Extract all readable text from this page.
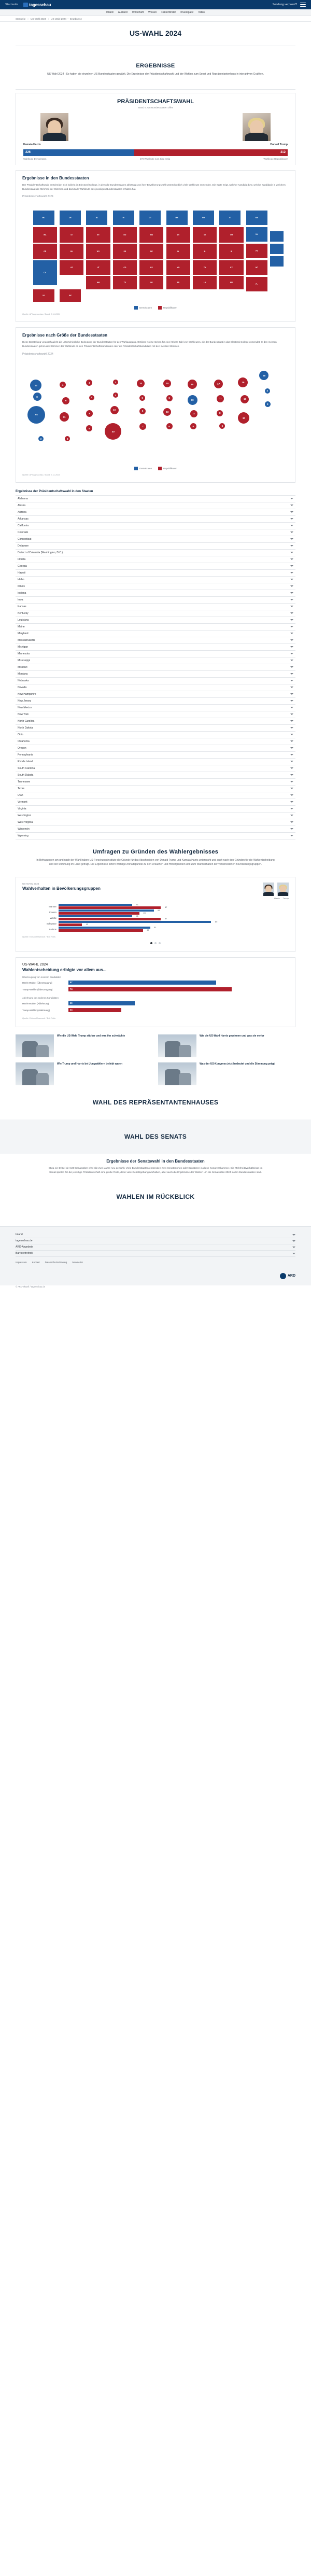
Startseite	tagesschau	Sendung verpasst?
Inland Ausland Wirtschaft Wissen Faktenfinder Investigativ Video
Startseite › US-Wahl 2024 › US-Wahl 2024 — Ergebnisse
US-WAHL 2024
ERGEBNISSE
US-Wahl 2024 : So haben die einzelnen US-Bundesstaaten gewählt. Die Ergebnisse der Präsidentschaftswahl und der Wahlen zum Senat und Repräsentantenhaus in interaktiven Grafiken.
PRÄSIDENTSCHAFTSWAHL
Stand 6. US-Bundesstaaten offen
Kamala Harris	Donald Trump
226	312
Wahlleute Demokraten	270 Wahlleute zum Sieg nötig	Wahlleute Republikaner
Ergebnisse in den Bundesstaaten

Der Präsidentschaftswahl entscheidet sich indirekt im Electoral College, in dem die Bundesstaaten abhängig von ihrer Bevölkerungszahl unterschiedlich viele Wahlleute entsenden. Die Karte zeigt, welcher Kandidat bzw. welche Kandidatin in welchem Bundesstaat die Mehrheit der Stimmen und damit alle Wahlleute des jeweiligen Bundesstaates erhalten hat.

Präsidentschaftswahl 2024
WA
OR
CA
ID
NV
AZ
MT
WY
UT
NM
ND
SD
CO
TX
MN
NE
KS
OK
WI
IA
MO
AR
MI
IL
TN
LA
OH
IN
KY
MS
ME
NY
PA
NC
FL
VT
NH
MA
CT
RI
NJ
DE
MD
HI	AK
Demokraten	Republikaner
Quelle: AP/tagesschau, Stand: 7.11.2024
Ergebnisse nach Größe der Bundesstaaten

Diese Darstellung veranschaulicht die unterschiedliche Bedeutung der Bundesstaaten für den Wahlausgang. Größere Kreise stehen für eine höhere Zahl von Wahlleuten, die der Bundesstaat in das Electoral College entsendet. In den meisten Bundesstaaten gehen alle Stimmen der Wahlleute an den Präsidentschaftskandidaten oder die Präsidentschaftskandidatin mit den meisten Stimmen.

Präsidentschaftswahl 2024
12
54
8
4
6
11
4
3
6
5
3
3
10
40
10
5
6
7
10
6
10
6
15
19
11
8
17
11
8
6
19
16
30
28
4
3
3	3
Demokraten	Republikaner
Quelle: AP/tagesschau, Stand: 7.11.2024
Ergebnisse der Präsidentschaftswahl in den Staaten
Alabama
Alaska
Arizona
Arkansas
California
Colorado
Connecticut
Delaware
District of Columbia (Washington, D.C.)
Florida
Georgia
Hawaii
Idaho
Illinois
Indiana
Iowa
Kansas
Kentucky
Louisiana
Maine
Maryland
Massachusetts
Michigan
Minnesota
Mississippi
Missouri
Montana
Nebraska
Nevada
New Hampshire
New Jersey
New Mexico
New York
North Carolina
North Dakota
Ohio
Oklahoma
Oregon
Pennsylvania
Rhode Island
South Carolina
South Dakota
Tennessee
Texas
Utah
Vermont
Virginia
Washington
West Virginia
Wisconsin
Wyoming
Umfragen zu Gründen des Wahlergebnisses
In Befragungen am und nach der Wahl haben US-Forschungsinstitute die Gründe für das Abschneiden von Donald Trump und Kamala Harris untersucht und auch nach den Gründen für die Wahlentscheidung und der Stimmung im Land gefragt. Die Ergebnisse liefern wichtige Anhaltspunkte zu den Ursachen und Hintergründen und zum Wahlverhalten der verschiedenen Bevölkerungsgruppen.
US-WAHL 2024
Wahlverhalten in Bevölkerungsgruppen
Harris Trump
Männer
41
57
Frauen
53
45
Weiße
41
57
Schwarze
85
13
Latinos
51
47
Quelle: Edison Research / Exit Polls
US-WAHL 2024
Wahlentscheidung erfolgte vor allem aus...
Überzeugung von meinem Kandidaten
Harris-Wähler (Überzeugung)	67
Trump-Wähler (Überzeugung)	74
Ablehnung des anderen Kandidaten
Harris-Wähler (Ablehnung)	30
Trump-Wähler (Ablehnung)	24
Quelle: Edison Research / Exit Polls
Wie die US-Wahl Trump stärker und was ihn schwächte	Wie die US-Wahl Harris gewinnen und was sie verlor
Wie Trump und Harris bei Jungwählern beliebt waren	Was der US-Kongress jetzt bedeutet und die Stimmung prägt
WAHL DES REPRÄSENTANTENHAUSES
WAHL DES SENATS
Ergebnisse der Senatswahl in den Bundesstaaten
Etwa ein Drittel der 100 Senatssitze wird alle zwei Jahre neu gewählt. Viele Bundesstaaten entsenden zwei Senatorinnen oder Senatoren in diese Kongresskammer. Die Mehrheitsverhältnisse im Senat spielen für die jeweilige Präsidentschaft eine große Rolle, denn viele Gesetzgebungsvorhaben, aber auch die Ergebnisse der Wahlen um die Senatssitze 2024 in den Bundesstaaten sind.
WAHLEN IM RÜCKBLICK
Inland
tagesschau.de
ARD-Angebote
Barrierefreiheit
Impressum Kontakt Datenschutzerklärung Newsletter
ARD
© ARD-aktuell / tagesschau.de
